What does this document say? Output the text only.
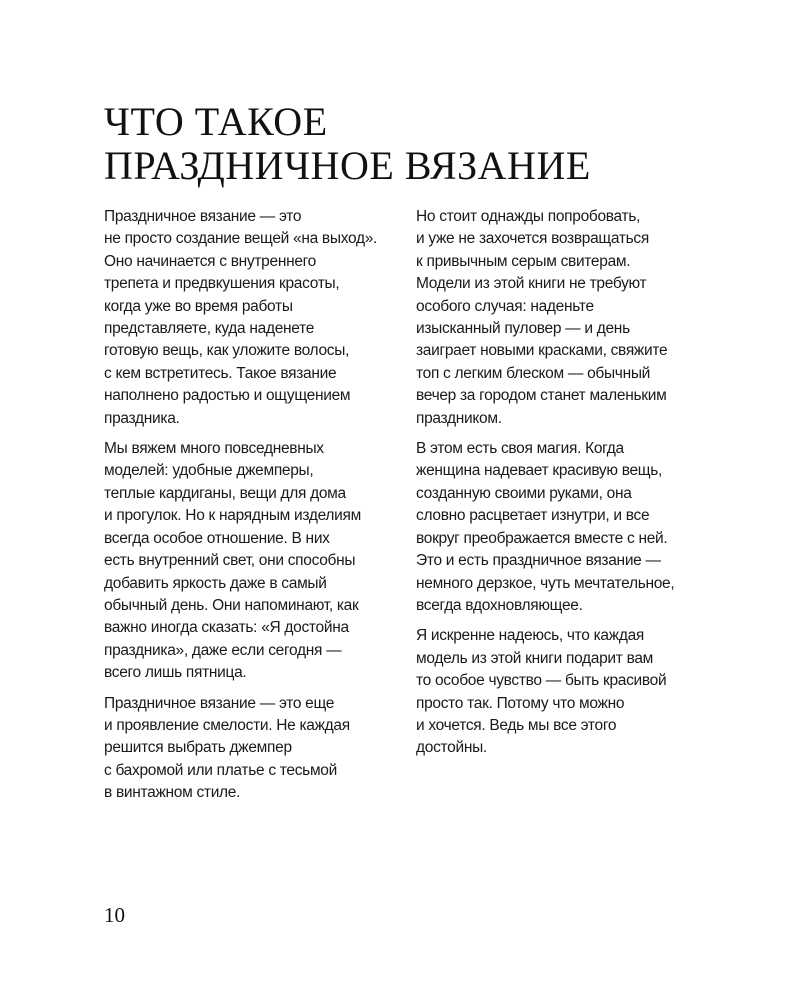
ЧТО ТАКОЕ
ПРАЗДНИЧНОЕ ВЯЗАНИЕ

Праздничное вязание — это
не просто создание вещей «на выход».
Оно начинается с внутреннего
трепета и предвкушения красоты,
когда уже во время работы
представляете, куда наденете
готовую вещь, как уложите волосы,
с кем встретитесь. Такое вязание
наполнено радостью и ощущением
праздника.

Мы вяжем много повседневных
моделей: удобные джемперы,
теплые кардиганы, вещи для дома
и прогулок. Но к нарядным изделиям
всегда особое отношение. В них
есть внутренний свет, они способны
добавить яркость даже в самый
обычный день. Они напоминают, как
важно иногда сказать: «Я достойна
праздника», даже если сегодня —
всего лишь пятница.

Праздничное вязание — это еще
и проявление смелости. Не каждая
решится выбрать джемпер
с бахромой или платье с тесьмой
в винтажном стиле.

Но стоит однажды попробовать,
и уже не захочется возвращаться
к привычным серым свитерам.
Модели из этой книги не требуют
особого случая: наденьте
изысканный пуловер — и день
заиграет новыми красками, свяжите
топ с легким блеском — обычный
вечер за городом станет маленьким
праздником.

В этом есть своя магия. Когда
женщина надевает красивую вещь,
созданную своими руками, она
словно расцветает изнутри, и все
вокруг преображается вместе с ней.
Это и есть праздничное вязание —
немного дерзкое, чуть мечтательное,
всегда вдохновляющее.

Я искренне надеюсь, что каждая
модель из этой книги подарит вам
то особое чувство — быть красивой
просто так. Потому что можно
и хочется. Ведь мы все этого
достойны.

10
